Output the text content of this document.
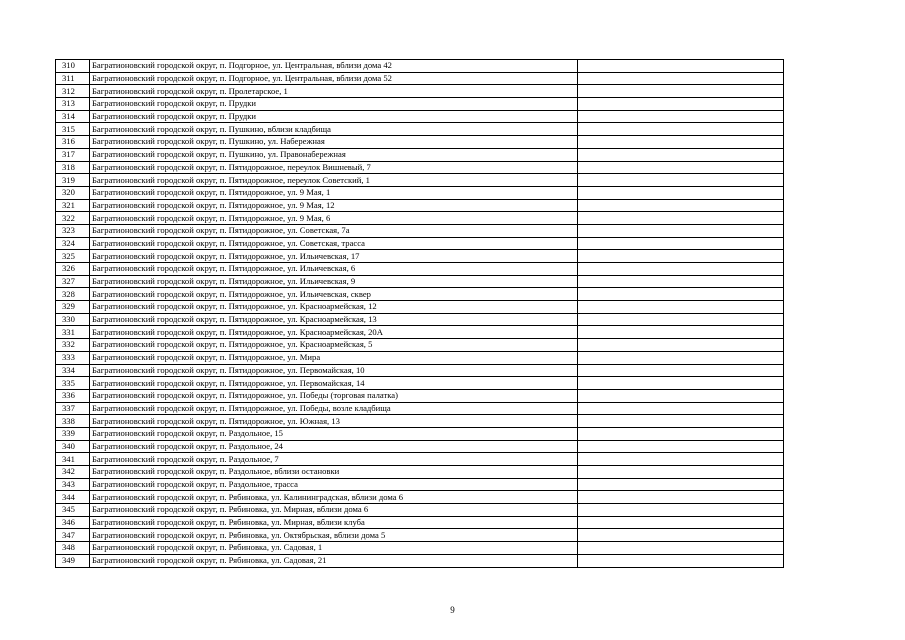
310	Багратионовский городской округ, п. Подгорное, ул. Центральная, вблизи дома 42	
311	Багратионовский городской округ, п. Подгорное, ул. Центральная, вблизи дома 52	
312	Багратионовский городской округ, п. Пролетарское, 1	
313	Багратионовский городской округ, п. Прудки	
314	Багратионовский городской округ, п. Прудки	
315	Багратионовский городской округ, п. Пушкино, вблизи кладбища	
316	Багратионовский городской округ, п. Пушкино, ул. Набережная	
317	Багратионовский городской округ, п. Пушкино, ул. Правонабережная	
318	Багратионовский городской округ, п. Пятидорожное, переулок Вишневый, 7	
319	Багратионовский городской округ, п. Пятидорожное, переулок Советский, 1	
320	Багратионовский городской округ, п. Пятидорожное, ул. 9 Мая, 1	
321	Багратионовский городской округ, п. Пятидорожное, ул. 9 Мая, 12	
322	Багратионовский городской округ, п. Пятидорожное, ул. 9 Мая, 6	
323	Багратионовский городской округ, п. Пятидорожное, ул. Советская, 7а	
324	Багратионовский городской округ, п. Пятидорожное, ул. Советская, трасса	
325	Багратионовский городской округ, п. Пятидорожное, ул. Ильичевская, 17	
326	Багратионовский городской округ, п. Пятидорожное, ул. Ильичевская, 6	
327	Багратионовский городской округ, п. Пятидорожное, ул. Ильичевская, 9	
328	Багратионовский городской округ, п. Пятидорожное, ул. Ильичевская, сквер	
329	Багратионовский городской округ, п. Пятидорожное, ул. Красноармейская, 12	
330	Багратионовский городской округ, п. Пятидорожное, ул. Красноармейская, 13	
331	Багратионовский городской округ, п. Пятидорожное, ул. Красноармейская, 20А	
332	Багратионовский городской округ, п. Пятидорожное, ул. Красноармейская, 5	
333	Багратионовский городской округ, п. Пятидорожное, ул. Мира	
334	Багратионовский городской округ, п. Пятидорожное, ул. Первомайская, 10	
335	Багратионовский городской округ, п. Пятидорожное, ул. Первомайская, 14	
336	Багратионовский городской округ, п. Пятидорожное, ул. Победы (торговая палатка)	
337	Багратионовский городской округ, п. Пятидорожное, ул. Победы, возле кладбища	
338	Багратионовский городской округ, п. Пятидорожное, ул. Южная, 13	
339	Багратионовский городской округ, п. Раздольное, 15	
340	Багратионовский городской округ, п. Раздольное, 24	
341	Багратионовский городской округ, п. Раздольное, 7	
342	Багратионовский городской округ, п. Раздольное, вблизи остановки	
343	Багратионовский городской округ, п. Раздольное, трасса	
344	Багратионовский городской округ, п. Рябиновка, ул. Калининградская, вблизи дома 6	
345	Багратионовский городской округ, п. Рябиновка, ул. Мирная, вблизи дома 6	
346	Багратионовский городской округ, п. Рябиновка, ул. Мирная, вблизи клуба	
347	Багратионовский городской округ, п. Рябиновка, ул. Октябрьская, вблизи дома 5	
348	Багратионовский городской округ, п. Рябиновка, ул. Садовая, 1	
349	Багратионовский городской округ, п. Рябиновка, ул. Садовая, 21	
9
